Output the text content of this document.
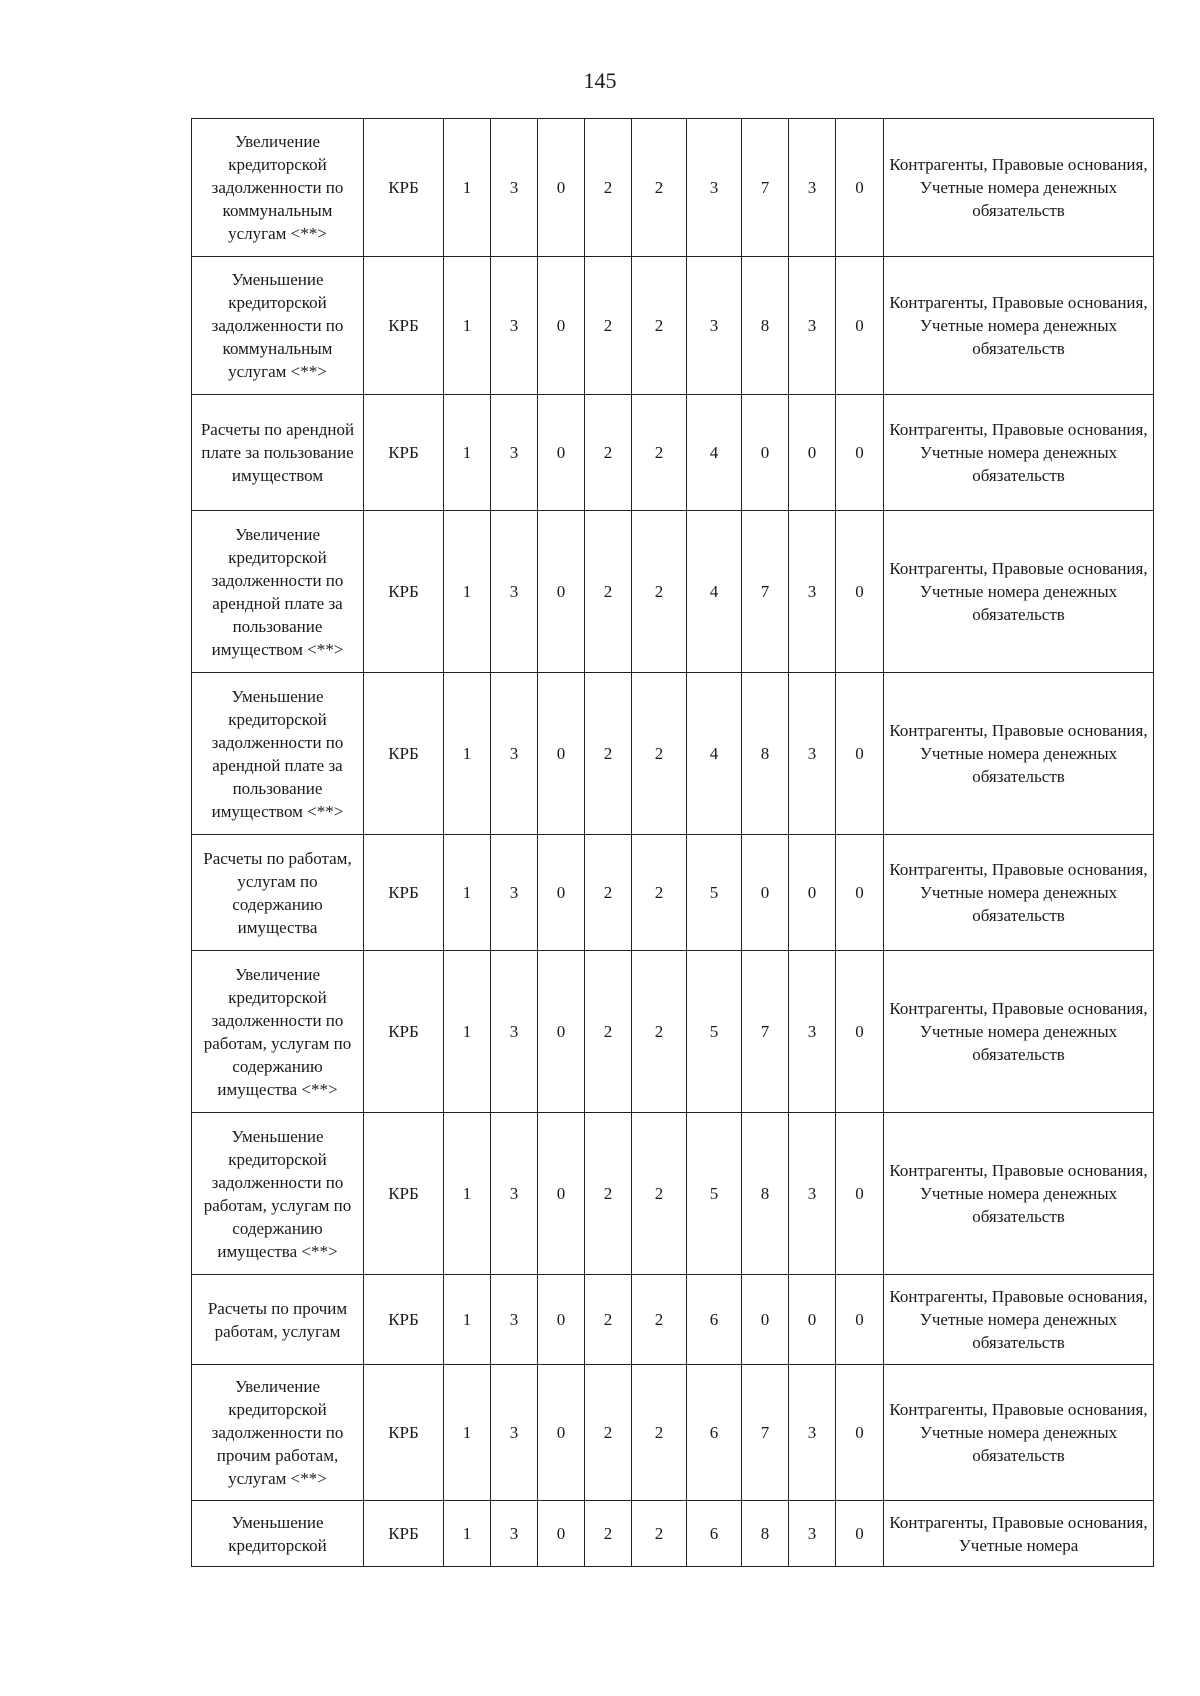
145
Увеличение кредиторской задолженности по коммунальным услугам <**>	КРБ	1	3	0	2	2	3	7	3	0	Контрагенты, Правовые основания, Учетные номера денежных обязательств
Уменьшение кредиторской задолженности по коммунальным услугам <**>	КРБ	1	3	0	2	2	3	8	3	0	Контрагенты, Правовые основания, Учетные номера денежных обязательств
Расчеты по арендной плате за пользование имуществом	КРБ	1	3	0	2	2	4	0	0	0	Контрагенты, Правовые основания, Учетные номера денежных обязательств
Увеличение кредиторской задолженности по арендной плате за пользование имуществом <**>	КРБ	1	3	0	2	2	4	7	3	0	Контрагенты, Правовые основания, Учетные номера денежных обязательств
Уменьшение кредиторской задолженности по арендной плате за пользование имуществом <**>	КРБ	1	3	0	2	2	4	8	3	0	Контрагенты, Правовые основания, Учетные номера денежных обязательств
Расчеты по работам, услугам по содержанию имущества	КРБ	1	3	0	2	2	5	0	0	0	Контрагенты, Правовые основания, Учетные номера денежных обязательств
Увеличение кредиторской задолженности по работам, услугам по содержанию имущества <**>	КРБ	1	3	0	2	2	5	7	3	0	Контрагенты, Правовые основания, Учетные номера денежных обязательств
Уменьшение кредиторской задолженности по работам, услугам по содержанию имущества <**>	КРБ	1	3	0	2	2	5	8	3	0	Контрагенты, Правовые основания, Учетные номера денежных обязательств
Расчеты по прочим работам, услугам	КРБ	1	3	0	2	2	6	0	0	0	Контрагенты, Правовые основания, Учетные номера денежных обязательств
Увеличение кредиторской задолженности по прочим работам, услугам <**>	КРБ	1	3	0	2	2	6	7	3	0	Контрагенты, Правовые основания, Учетные номера денежных обязательств
Уменьшение кредиторской	КРБ	1	3	0	2	2	6	8	3	0	Контрагенты, Правовые основания, Учетные номера
